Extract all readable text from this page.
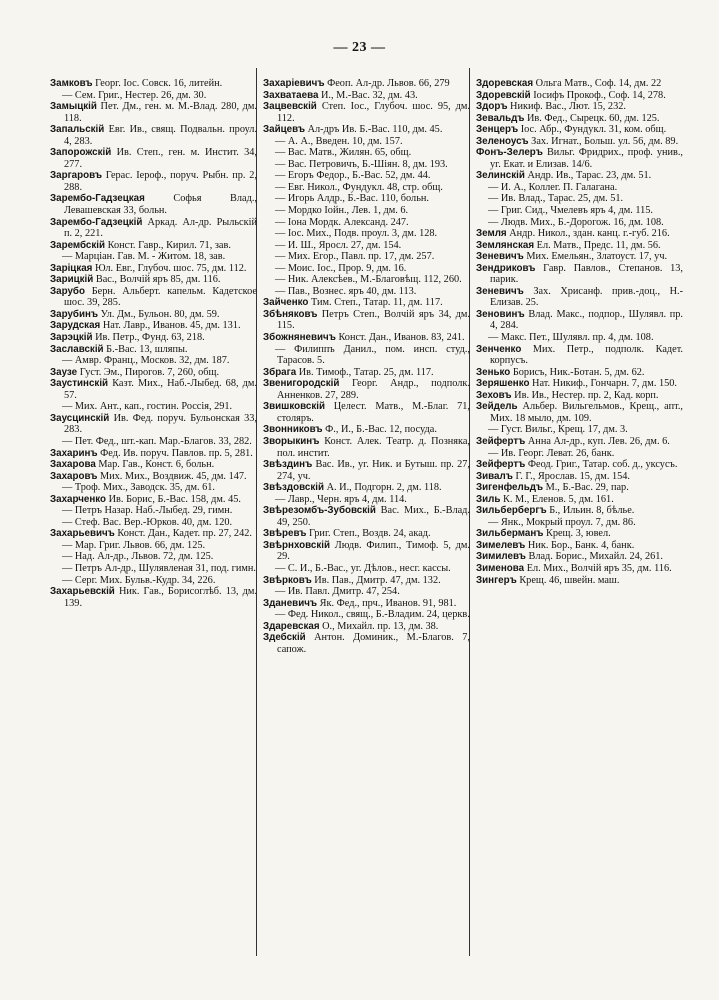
— 23 —

Замковъ Георг. Іос. Совск. 16, литейн.

— Сем. Григ., Нестер. 26, дм. 30.

Замыцкій Пет. Дм., ген. м. М.-Влад. 280, дм. 118.

Запальскій Евг. Ив., свящ. Подвальн. проул. 4, 283.

Запорожскій Ив. Степ., ген. м. Инстит. 34, 277.

Заргаровъ Герас. Іероф., поруч. Рыбн. пр. 2, 288.

Зарембо-Гадзецкая	Софья Влад., Левашевская 33, больн.

Зарембо-Гадзецкій Аркад. Ал-др. Рыльскій п. 2, 221.

Зарембскій Конст. Гавр., Кирил. 71, зав.

— Марціан. Гав. М. - Житом. 18, зав.

Заріцкая Юл. Евг., Глубоч. шос. 75, дм. 112.

Зарицкій Вас., Волчій яръ 85, дм. 116.

Зарубо Берн. Альберт. капельм. Кадетское шос. 39, 285.

Зарубинъ Ул. Дм., Бульон. 80, дм. 59.

Зарудская Нат. Лавр., Иванов. 45, дм. 131.

Зарэцкій Ив. Петр., Фунд. 63, 218.

Заславскій Б.-Вас. 13, шляпы.

— Амвр. Франц., Москов. 32, дм. 187.

Заузе Густ. Эм., Пирогов. 7, 260, общ.

Заустинскій Казт. Мих., Наб.-Лыбед. 68, дм. 57.

— Мих. Ант., кап., гостин. Россія, 291.

Заусцинскій Ив. Фед. поруч. Бульонская 33, 283.

— Пет. Фед., шт.-кап. Мар.-Благов. 33, 282.

Захаринъ Фед. Ив. поруч. Павлов. пр. 5, 281.

Захарова Мар. Гав., Конст. 6, больн.

Захаровъ Мих. Мих., Воздвиж. 45, дм. 147.

— Троф. Мих., Заводск. 35, дм. 61.

Захарченко Ив. Борис, Б.-Вас. 158, дм. 45.

— Петръ Назар. Наб.-Лыбед. 29, гимн.

— Стеф. Вас. Вер.-Юрков. 40, дм. 120.

Захарьевичъ Конст. Дан., Кадет. пр. 27, 242.

— Мар. Григ. Львов. 66, дм. 125.

— Над. Ал-др., Львов. 72, дм. 125.

— Петръ Ал-др., Шулявленая 31, под. гимн.

— Серг. Мих. Бульв.-Кудр. 34, 226.

Захарьевскій Ник. Гав., Борисоглѣб. 13, дм. 139.

Захаріевичъ Феоп. Ал-др. Львов. 66, 279

Захватаева И., М.-Вас. 32, дм. 43.

Зацвевскій Степ. Іос., Глубоч. шос. 95, дм. 112.

Зайцевъ Ал-дръ Ив. Б.-Вас. 110, дм. 45.

— А. А., Введен. 10, дм. 157.

— Вас. Матв., Жилян. 65, общ.

— Вас. Петровичъ, Б.-Шіян. 8, дм. 193.

— Егоръ Федор., Б.-Вас. 52, дм. 44.

— Евг. Никол., Фундукл. 48, стр. общ.

— Игорь Алдр., Б.-Вас. 110, больн.

— Мордко Іойн., Лев. 1, дм. 6.

— Іона Мордк. Александ. 247.

— Іос. Мих., Подв. проул. 3, дм. 128.

— И. Ш., Яросл. 27, дм. 154.

— Мих. Егор., Павл. пр. 17, дм. 257.

— Моис. Іос., Прор. 9, дм. 16.

— Ник. Алексѣев., М.-Благовѣщ. 112, 260.

— Пав., Вознес. яръ 40, дм. 113.

Зайченко Тим. Степ., Татар. 11, дм. 117.

Збѣняковъ Петръ Степ., Волчій яръ 34, дм. 115.

Збожняневичъ Конст. Дан., Иванов. 83, 241.

— Филиппъ Данил., пом. инсп. студ., Тарасов. 5.

Збрага Ив. Тимоф., Татар. 25, дм. 117.

Звенигородскій Георг. Андр., подполк. Анненков. 27, 289.

Звишковскій Целест. Матв., М.-Благ. 71, столяръ.

Звонниковъ Ф., И., Б.-Вас. 12, посуда.

Зворыкинъ Конст. Алек. Театр. д. Позняка, пол. инстит.

Звѣздинъ Вас. Ив., уг. Ник. и Бутыш. пр. 27, 274, уч.

Звѣздовскій А. И., Подгорн. 2, дм. 118.

— Лавр., Черн. яръ 4, дм. 114.

Звѣрезомбъ-Зубовскій Вас. Мих., Б.-Влад. 49, 250.

Звѣревъ Григ. Степ., Воздв. 24, акад.

Звѣрнховскій Людв. Филип., Тимоф. 5, дм. 29.

— С. И., Б.-Вас., уг. Дѣлов., несг. кассы.

Звѣрковъ Ив. Пав., Дмитр. 47, дм. 132.

— Ив. Павл. Дмитр. 47, 254.

Зданевичъ Як. Фед., прч., Иванов. 91, 981.

— Фед. Никол., свящ., Б.-Владим. 24, церкв.

Здаревская О., Михайл. пр. 13, дм. 38.

Здебскій Антон. Доминик., М.-Благов. 7, сапож.

Здоревская Ольга Матв., Соф. 14, дм. 22

Здоревскій Іосифъ Прокоф., Соф. 14, 278.

Здоръ Никиф. Вас., Лют. 15, 232.

Зевальдъ Ив. Фед., Сырецк. 60, дм. 125.

Зенцеръ Іос. Абр., Фундукл. 31, ком. общ.

Зеленоусъ Зах. Игнат., Больш. ул. 56, дм. 89.

Фонъ-Зелеръ Вильг. Фридрих., проф. унив., уг. Екат. и Елизав. 14/6.

Зелинскій Андр. Ив., Тарас. 23, дм. 51.

— И. А., Коллег. П. Галагана.

— Ив. Влад., Тарас. 25, дм. 51.

— Григ. Сид., Чмелевъ яръ 4, дм. 115.

— Людв. Мих., Б.-Дорогож. 16, дм. 108.

Земля Андр. Никол., здан. канц. г.-губ. 216.

Землянская Ел. Матв., Предс. 11, дм. 56.

Зеневичъ Мих. Емельян., Златоуст. 17, уч.

Зендриковъ Гавр. Павлов., Степанов. 13, парик.

Зеневичъ Зах. Хрисанф. прив.-доц., Н.-Елизав. 25.

Зеновинъ Влад. Макс., подпор., Шулявл. пр. 4, 284.

— Макс. Пет., Шулявл. пр. 4, дм. 108.

Зенченко Мих. Петр., подполк. Кадет. корпусъ.

Зенько Борисъ, Ник.-Ботан. 5, дм. 62.

Зеряшенко Нат. Никиф., Гончарн. 7, дм. 150.

Зеховъ Ив. Ив., Нестер. пр. 2, Кад. корп.

Зейдель Альбер. Вильгельмов., Крещ., апт., Мих. 18 мыло, дм. 109.

— Густ. Вильг., Крещ. 17, дм. 3.

Зейфертъ Анна Ал-др., куп. Лев. 26, дм. 6.

— Ив. Георг. Леват. 26, банк.

Зейфертъ Феод. Григ., Татар. соб. д., уксусъ.

Зивалъ Г. Г., Ярослав. 15, дм. 154.

Зигенфельдъ М., Б.-Вас. 29, пар.

Зиль К. М., Еленов. 5, дм. 161.

Зильбербергъ Б., Ильин. 8, бѣлье.

— Янк., Мокрый проул. 7, дм. 86.

Зильберманъ Крещ. 3, ювел.

Зимелевъ Ник. Бор., Банк. 4, банк.

Зимилевъ Влад. Борис., Михайл. 24, 261.

Зименова Ел. Мих., Волчій яръ 35, дм. 116.

Зингеръ Крещ. 46, швейн. маш.
